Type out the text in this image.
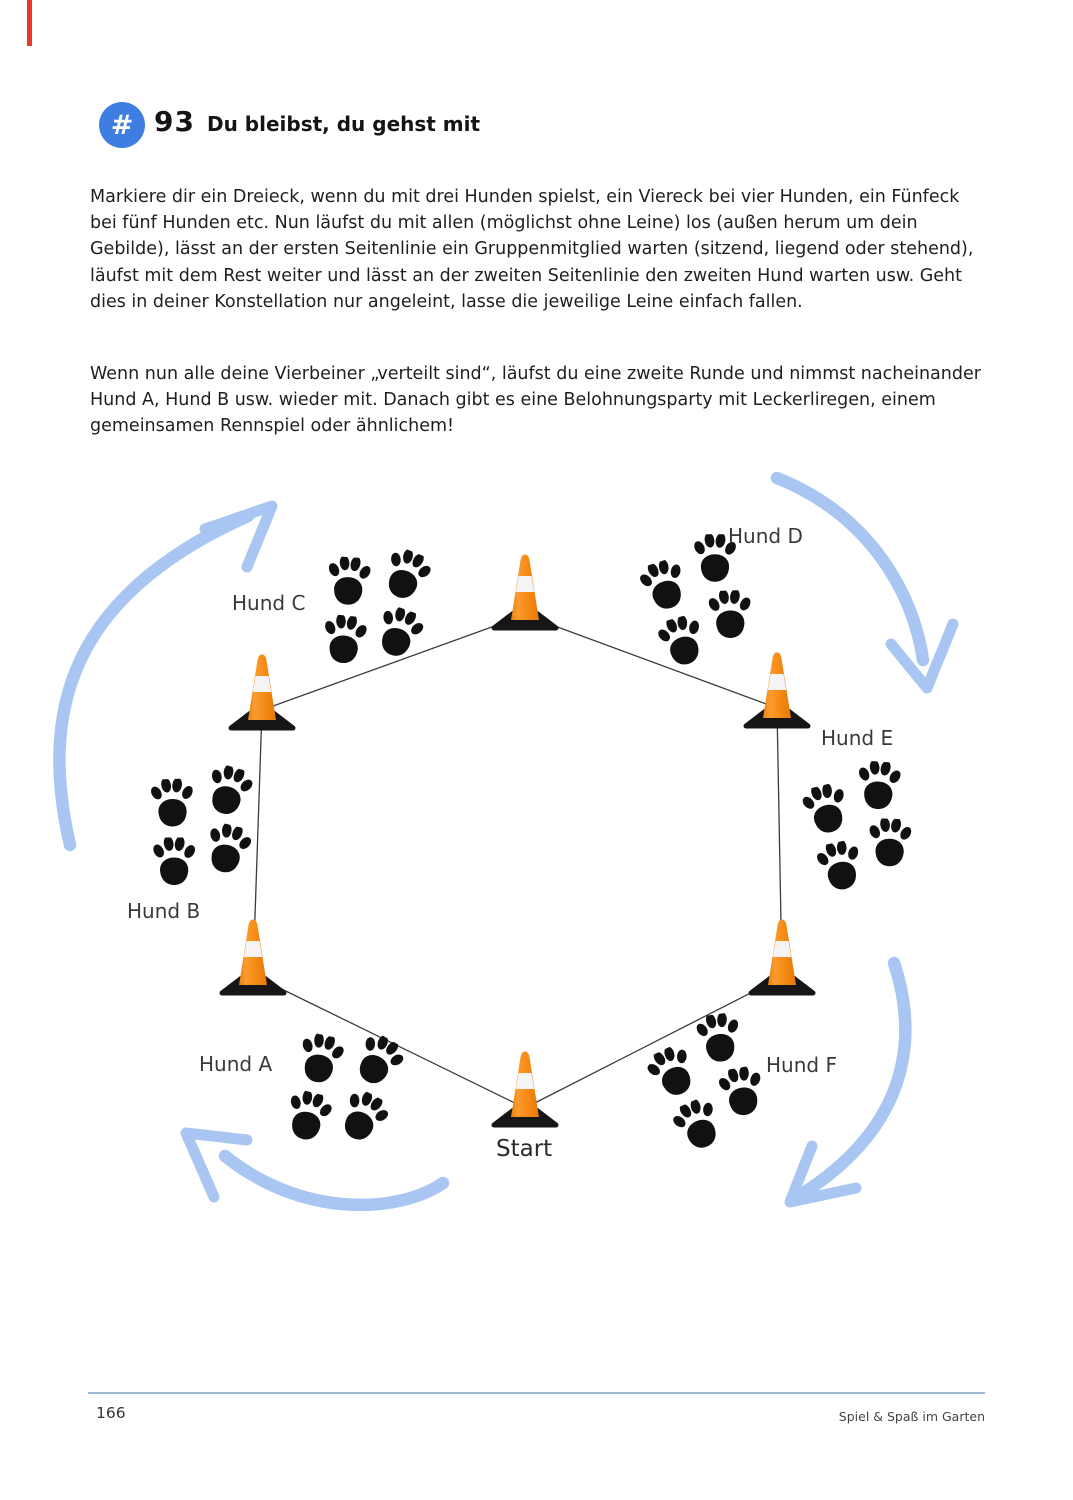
# 93 Du bleibst, du gehst mit

Markiere dir ein Dreieck, wenn du mit drei Hunden spielst, ein Viereck bei vier Hunden, ein Fünfeck bei fünf Hunden etc. Nun läufst du mit allen (möglichst ohne Leine) los (außen herum um dein Gebilde), lässt an der ersten Seitenlinie ein Gruppenmitglied warten (sitzend, liegend oder stehend), läufst mit dem Rest weiter und lässt an der zweiten Seitenlinie den zweiten Hund warten usw. Geht dies in deiner Konstellation nur angeleint, lasse die jeweilige Leine einfach fallen.

Wenn nun alle deine Vierbeiner „verteilt sind“, läufst du eine zweite Runde und nimmst nacheinander Hund A, Hund B usw. wieder mit. Danach gibt es eine Belohnungsparty mit Leckerliregen, einem gemeinsamen Rennspiel oder ähnlichem!

Hund C
Hund D
Hund E
Hund B
Hund A	Hund F
Start
166	Spiel & Spaß im Garten
